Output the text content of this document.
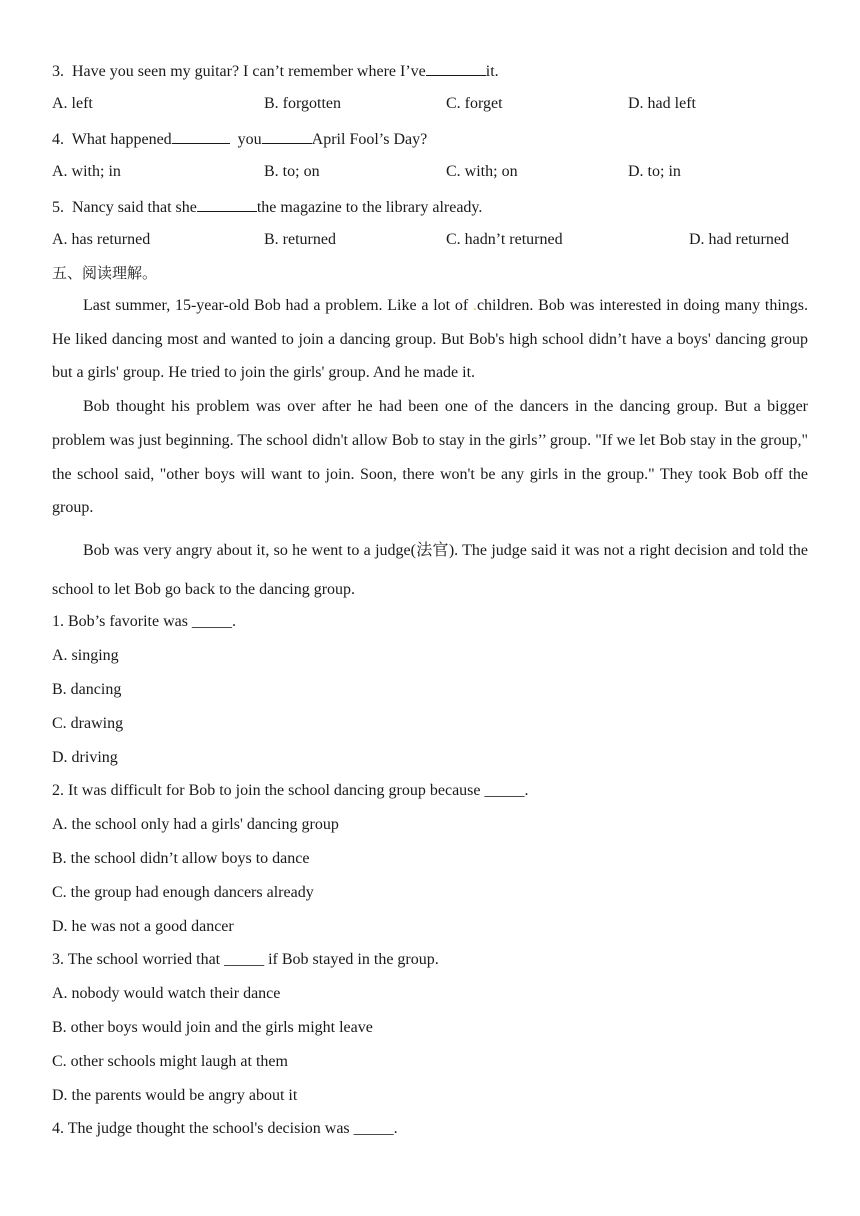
3. Have you seen my guitar? I can’t remember where I’ve	it.
A. left	B. forgotten	C. forget	D. had left
4. What happened	you	April Fool’s Day?
A. with; in	B. to; on	C. with; on	D. to; in
5. Nancy said that she	the magazine to the library already.
A. has returned	B. returned	C. hadn’t returned	D. had returned
五、阅读理解。

Last summer, 15-year-old Bob had a problem. Like a lot of .children. Bob was interested in doing many things. He liked dancing most and wanted to join a dancing group. But Bob's high school didn’t have a boys' dancing group but a girls' group. He tried to join the girls' group. And he made it.

Bob thought his problem was over after he had been one of the dancers in the dancing group. But a bigger problem was just beginning. The school didn't allow Bob to stay in the girls’’ group. "If we let Bob stay in the group," the school said, "other boys will want to join. Soon, there won't be any girls in the group." They took Bob off the group.

Bob was very angry about it, so he went to a judge(法官). The judge said it was not a right decision and told the school to let Bob go back to the dancing group.

1. Bob’s favorite was _____.
A. singing
B. dancing
C. drawing
D. driving
2. It was difficult for Bob to join the school dancing group because _____.
A. the school only had a girls' dancing group
B. the school didn’t allow boys to dance
C. the group had enough dancers already
D. he was not a good dancer
3. The school worried that _____ if Bob stayed in the group.
A. nobody would watch their dance
B. other boys would join and the girls might leave
C. other schools might laugh at them
D. the parents would be angry about it
4. The judge thought the school's decision was _____.
